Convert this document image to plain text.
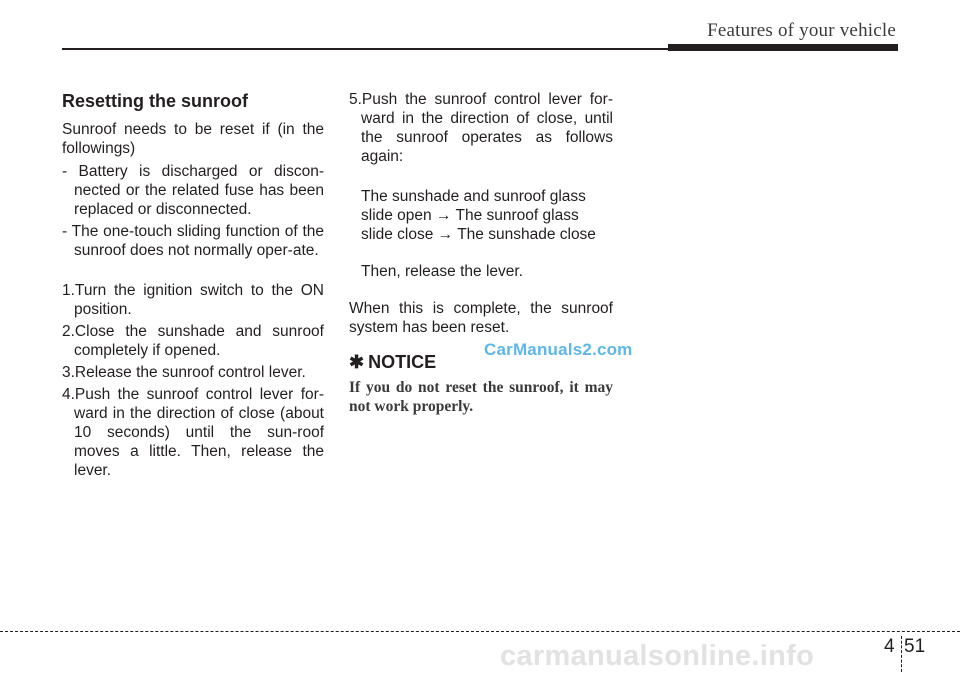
Features of your vehicle
Resetting the sunroof

Sunroof needs to be reset if (in the followings)

- Battery is discharged or discon-nected or the related fuse has been replaced or disconnected.

- The one-touch sliding function of the sunroof does not normally oper-ate.

1.Turn the ignition switch to the ON position.

2.Close the sunshade and sunroof completely if opened.

3.Release the sunroof control lever.

4.Push the sunroof control lever for-ward in the direction of close (about 10 seconds) until the sun-roof moves a little. Then, release the lever.

5.Push the sunroof control lever for-ward in the direction of close, until the sunroof operates as follows again:

The sunshade and sunroof glass slide open → The sunroof glass slide close → The sunshade close

Then, release the lever.

When this is complete, the sunroof system has been reset.

✱ NOTICE

If you do not reset the sunroof, it may not work properly.

CarManuals2.com
4 51
carmanualsonline.info
